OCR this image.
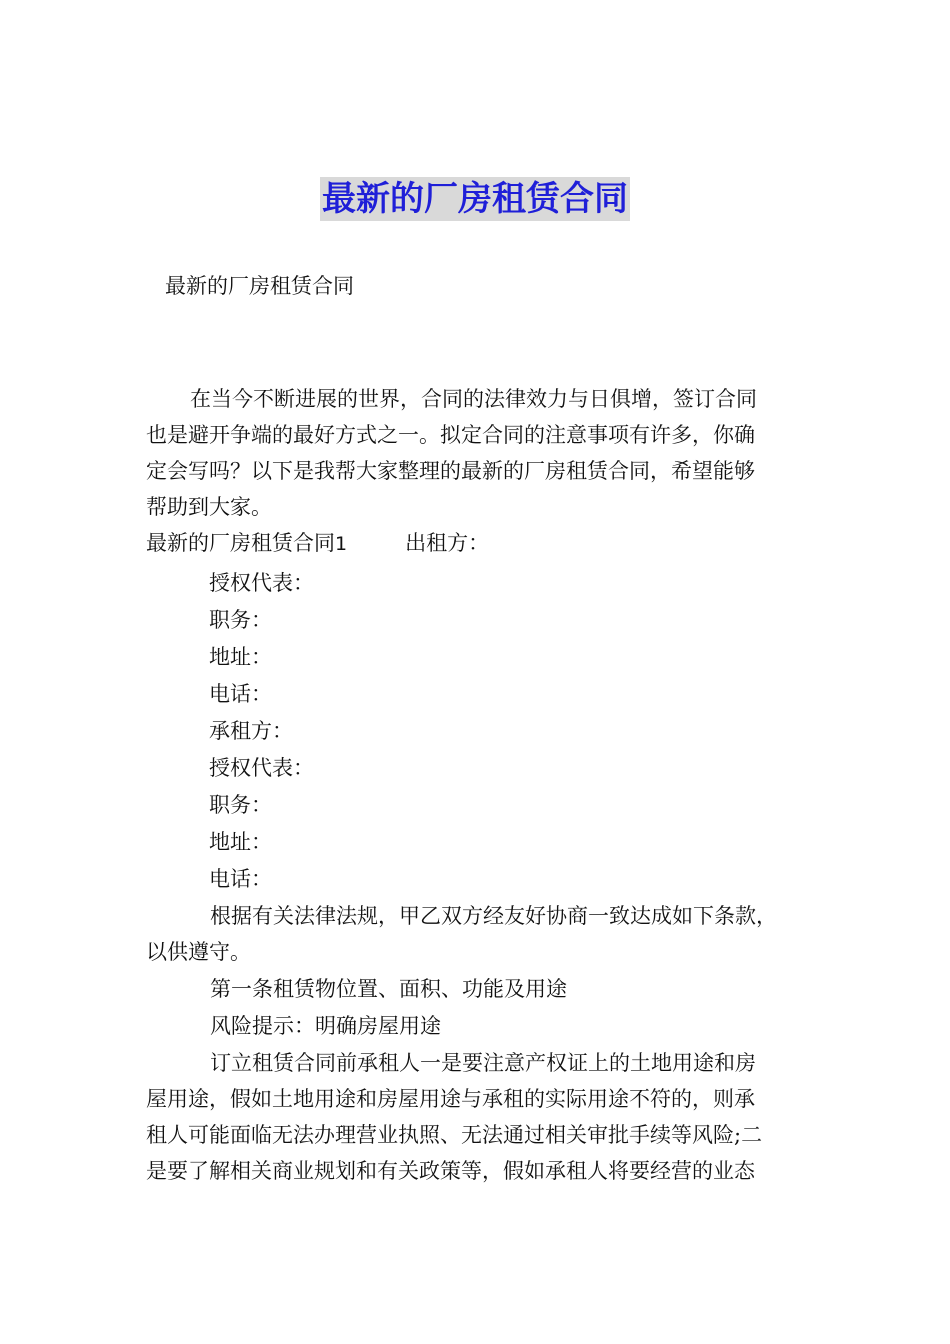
最新的厂房租赁合同
最新的厂房租赁合同

在当今不断进展的世界，合同的法律效力与日俱增，签订合同

也是避开争端的最好方式之一。拟定合同的注意事项有许多，你确

定会写吗？以下是我帮大家整理的最新的厂房租赁合同，希望能够

帮助到大家。

最新的厂房租赁合同1	出租方：
授权代表：
职务：
地址：
电话：
承租方：
授权代表：
职务：
地址：
电话：

根据有关法律法规，甲乙双方经友好协商一致达成如下条款，

以供遵守。

第一条租赁物位置、面积、功能及用途

风险提示：明确房屋用途

订立租赁合同前承租人一是要注意产权证上的土地用途和房

屋用途，假如土地用途和房屋用途与承租的实际用途不符的，则承

租人可能面临无法办理营业执照、无法通过相关审批手续等风险;二

是要了解相关商业规划和有关政策等，假如承租人将要经营的业态
